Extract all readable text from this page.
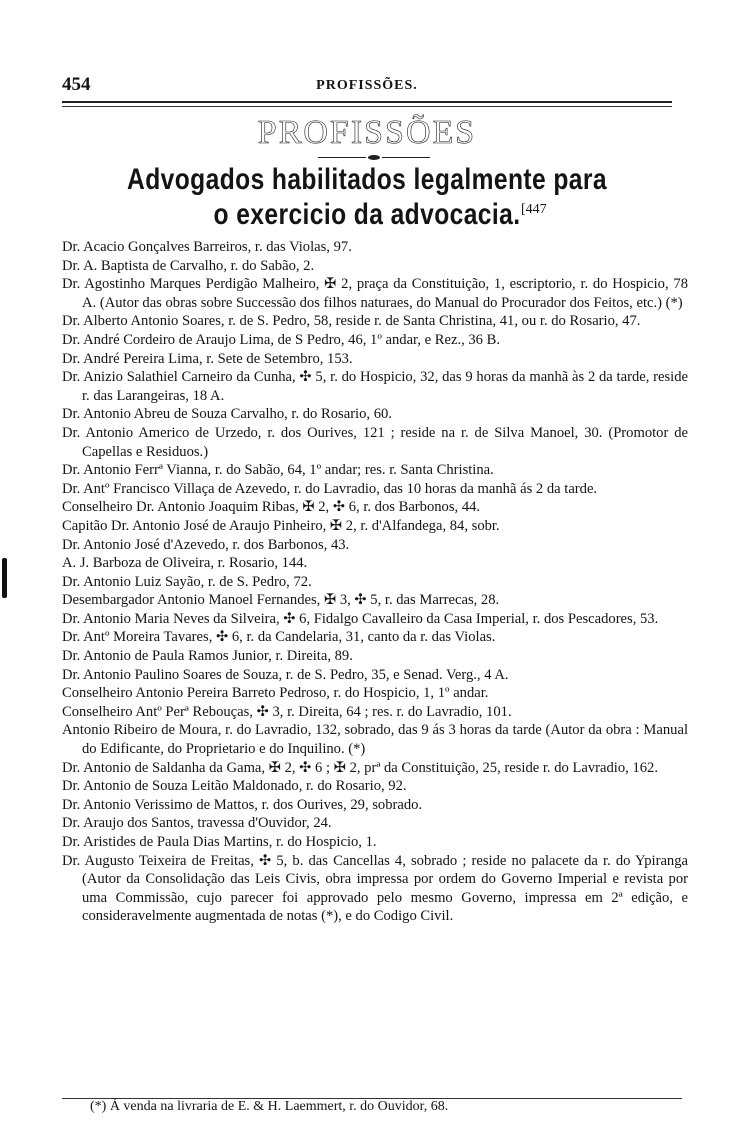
454	PROFISSÕES.
PROFISSÕES
Advogados habilitados legalmente para
o exercicio da advocacia. [447

Dr. Acacio Gonçalves Barreiros, r. das Violas, 97.

Dr. A. Baptista de Carvalho, r. do Sabão, 2.

Dr. Agostinho Marques Perdigão Malheiro, ✠ 2, praça da Constituição, 1, escriptorio, r. do Hospicio, 78 A. (Autor das obras sobre Successão dos filhos naturaes, do Manual do Procurador dos Feitos, etc.) (*)

Dr. Alberto Antonio Soares, r. de S. Pedro, 58, reside r. de Santa Christina, 41, ou r. do Rosario, 47.

Dr. André Cordeiro de Araujo Lima, de S Pedro, 46, 1º andar, e Rez., 36 B.

Dr. André Pereira Lima, r. Sete de Setembro, 153.

Dr. Anizio Salathiel Carneiro da Cunha, ✣ 5, r. do Hospicio, 32, das 9 horas da manhã às 2 da tarde, reside r. das Larangeiras, 18 A.

Dr. Antonio Abreu de Souza Carvalho, r. do Rosario, 60.

Dr. Antonio Americo de Urzedo, r. dos Ourives, 121 ; reside na r. de Silva Manoel, 30. (Promotor de Capellas e Residuos.)

Dr. Antonio Ferrª Vianna, r. do Sabão, 64, 1º andar; res. r. Santa Christina.

Dr. Antº Francisco Villaça de Azevedo, r. do Lavradio, das 10 horas da manhã ás 2 da tarde.

Conselheiro Dr. Antonio Joaquim Ribas, ✠ 2, ✣ 6, r. dos Barbonos, 44.

Capitão Dr. Antonio José de Araujo Pinheiro, ✠ 2, r. d'Alfandega, 84, sobr.

Dr. Antonio José d'Azevedo, r. dos Barbonos, 43.

A. J. Barboza de Oliveira, r. Rosario, 144.

Dr. Antonio Luiz Sayão, r. de S. Pedro, 72.

Desembargador Antonio Manoel Fernandes, ✠ 3, ✣ 5, r. das Marrecas, 28.

Dr. Antonio Maria Neves da Silveira, ✣ 6, Fidalgo Cavalleiro da Casa Imperial, r. dos Pescadores, 53.

Dr. Antº Moreira Tavares, ✣ 6, r. da Candelaria, 31, canto da r. das Violas.

Dr. Antonio de Paula Ramos Junior, r. Direita, 89.

Dr. Antonio Paulino Soares de Souza, r. de S. Pedro, 35, e Senad. Verg., 4 A.

Conselheiro Antonio Pereira Barreto Pedroso, r. do Hospicio, 1, 1º andar.

Conselheiro Antº Perª Rebouças, ✣ 3, r. Direita, 64 ; res. r. do Lavradio, 101.

Antonio Ribeiro de Moura, r. do Lavradio, 132, sobrado, das 9 ás 3 horas da tarde (Autor da obra : Manual do Edificante, do Proprietario e do Inquilino. (*)

Dr. Antonio de Saldanha da Gama, ✠ 2, ✣ 6 ; ✠ 2, prª da Constituição, 25, reside r. do Lavradio, 162.

Dr. Antonio de Souza Leitão Maldonado, r. do Rosario, 92.

Dr. Antonio Verissimo de Mattos, r. dos Ourives, 29, sobrado.

Dr. Araujo dos Santos, travessa d'Ouvidor, 24.

Dr. Aristides de Paula Dias Martins, r. do Hospicio, 1.

Dr. Augusto Teixeira de Freitas, ✣ 5, b. das Cancellas 4, sobrado ; reside no palacete da r. do Ypiranga (Autor da Consolidação das Leis Civis, obra impressa por ordem do Governo Imperial e revista por uma Commissão, cujo parecer foi approvado pelo mesmo Governo, impressa em 2ª edição, e consideravelmente augmentada de notas (*), e do Codigo Civil.

(*) Á venda na livraria de E. & H. Laemmert, r. do Ouvidor, 68.
